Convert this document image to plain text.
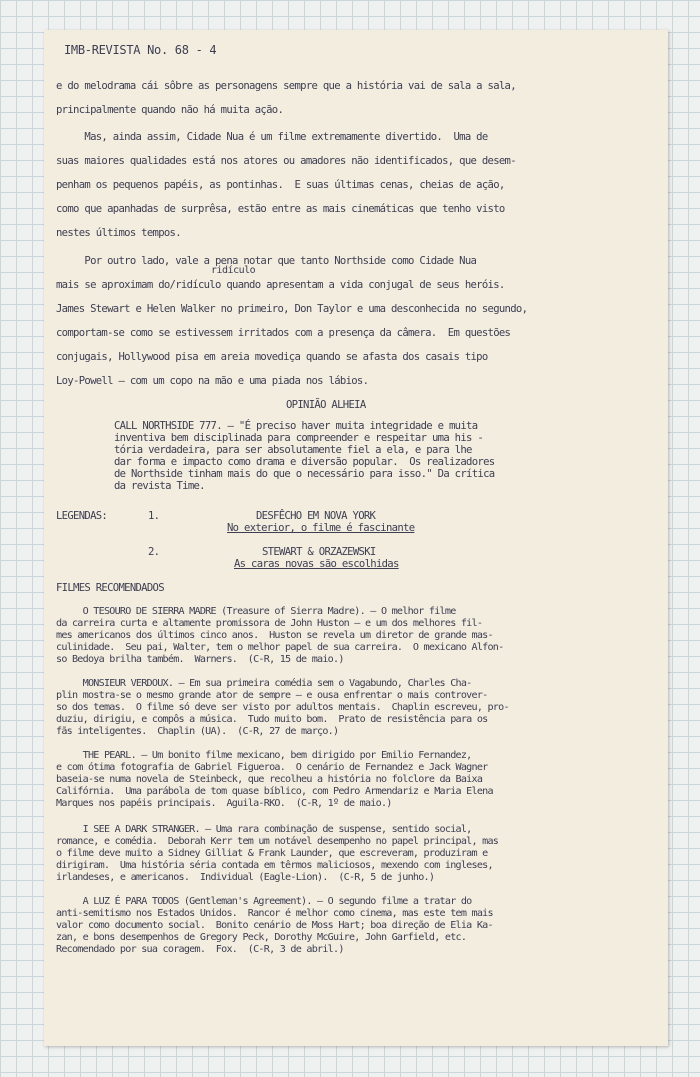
IMB-REVISTA No. 68 - 4
e do melodrama cái sôbre as personagens sempre que a história vai de sala a sala,
principalmente quando não há muita ação.
Mas, ainda assim, Cidade Nua é um filme extremamente divertido.  Uma de
suas maiores qualidades está nos atores ou amadores não identificados, que desem-
penham os pequenos papéis, as pontinhas.  E suas últimas cenas, cheias de ação,
como que apanhadas de surprêsa, estão entre as mais cinemáticas que tenho visto
nestes últimos tempos.
Por outro lado, vale a pena notar que tanto Northside como Cidade Nua
ridículo
mais se aproximam do/ridículo quando apresentam a vida conjugal de seus heróis.
James Stewart e Helen Walker no primeiro, Don Taylor e uma desconhecida no segundo,
comportam-se como se estivessem irritados com a presença da câmera.  Em questões
conjugais, Hollywood pisa em areia movediça quando se afasta dos casais tipo
Loy-Powell — com um copo na mão e uma piada nos lábios.
OPINIÃO ALHEIA
CALL NORTHSIDE 777. — "É preciso haver muita integridade e muita
inventiva bem disciplinada para compreender e respeitar uma his -
tória verdadeira, para ser absolutamente fiel a ela, e para lhe
dar forma e impacto como drama e diversão popular.  Os realizadores
de Northside tinham mais do que o necessário para isso." Da crítica
da revista Time.
LEGENDAS:	1.	DESFÊCHO EM NOVA YORK
No exterior, o filme é fascinante
2.	STEWART & ORZAZEWSKI
As caras novas são escolhidas
FILMES RECOMENDADOS
O TESOURO DE SIERRA MADRE (Treasure of Sierra Madre). — O melhor filme
da carreira curta e altamente promissora de John Huston — e um dos melhores fil-
mes americanos dos últimos cinco anos.  Huston se revela um diretor de grande mas-
culinidade.  Seu pai, Walter, tem o melhor papel de sua carreira.  O mexicano Alfon-
so Bedoya brilha também.  Warners.  (C-R, 15 de maio.)
MONSIEUR VERDOUX. — Em sua primeira comédia sem o Vagabundo, Charles Cha-
plin mostra-se o mesmo grande ator de sempre — e ousa enfrentar o mais controver-
so dos temas.  O filme só deve ser visto por adultos mentais.  Chaplin escreveu, pro-
duziu, dirigiu, e compôs a música.  Tudo muito bom.  Prato de resistência para os
fãs inteligentes.  Chaplin (UA).  (C-R, 27 de março.)
THE PEARL. — Um bonito filme mexicano, bem dirigido por Emilio Fernandez,
e com ótima fotografia de Gabriel Figueroa.  O cenário de Fernandez e Jack Wagner
baseia-se numa novela de Steinbeck, que recolheu a história no folclore da Baixa
Califórnia.  Uma parábola de tom quase bíblico, com Pedro Armendariz e Maria Elena
Marques nos papéis principais.  Aguila-RKO.  (C-R, 1º de maio.)
I SEE A DARK STRANGER. — Uma rara combinação de suspense, sentido social,
romance, e comédia.  Deborah Kerr tem um notável desempenho no papel principal, mas
o filme deve muito a Sidney Gilliat & Frank Launder, que escreveram, produziram e
dirigiram.  Uma história séria contada em têrmos maliciosos, mexendo com ingleses,
irlandeses, e americanos.  Individual (Eagle-Lion).  (C-R, 5 de junho.)
A LUZ É PARA TODOS (Gentleman's Agreement). — O segundo filme a tratar do
anti-semitismo nos Estados Unidos.  Rancor é melhor como cinema, mas este tem mais
valor como documento social.  Bonito cenário de Moss Hart; boa direção de Elia Ka-
zan, e bons desempenhos de Gregory Peck, Dorothy McGuire, John Garfield, etc.
Recomendado por sua coragem.  Fox.  (C-R, 3 de abril.)
